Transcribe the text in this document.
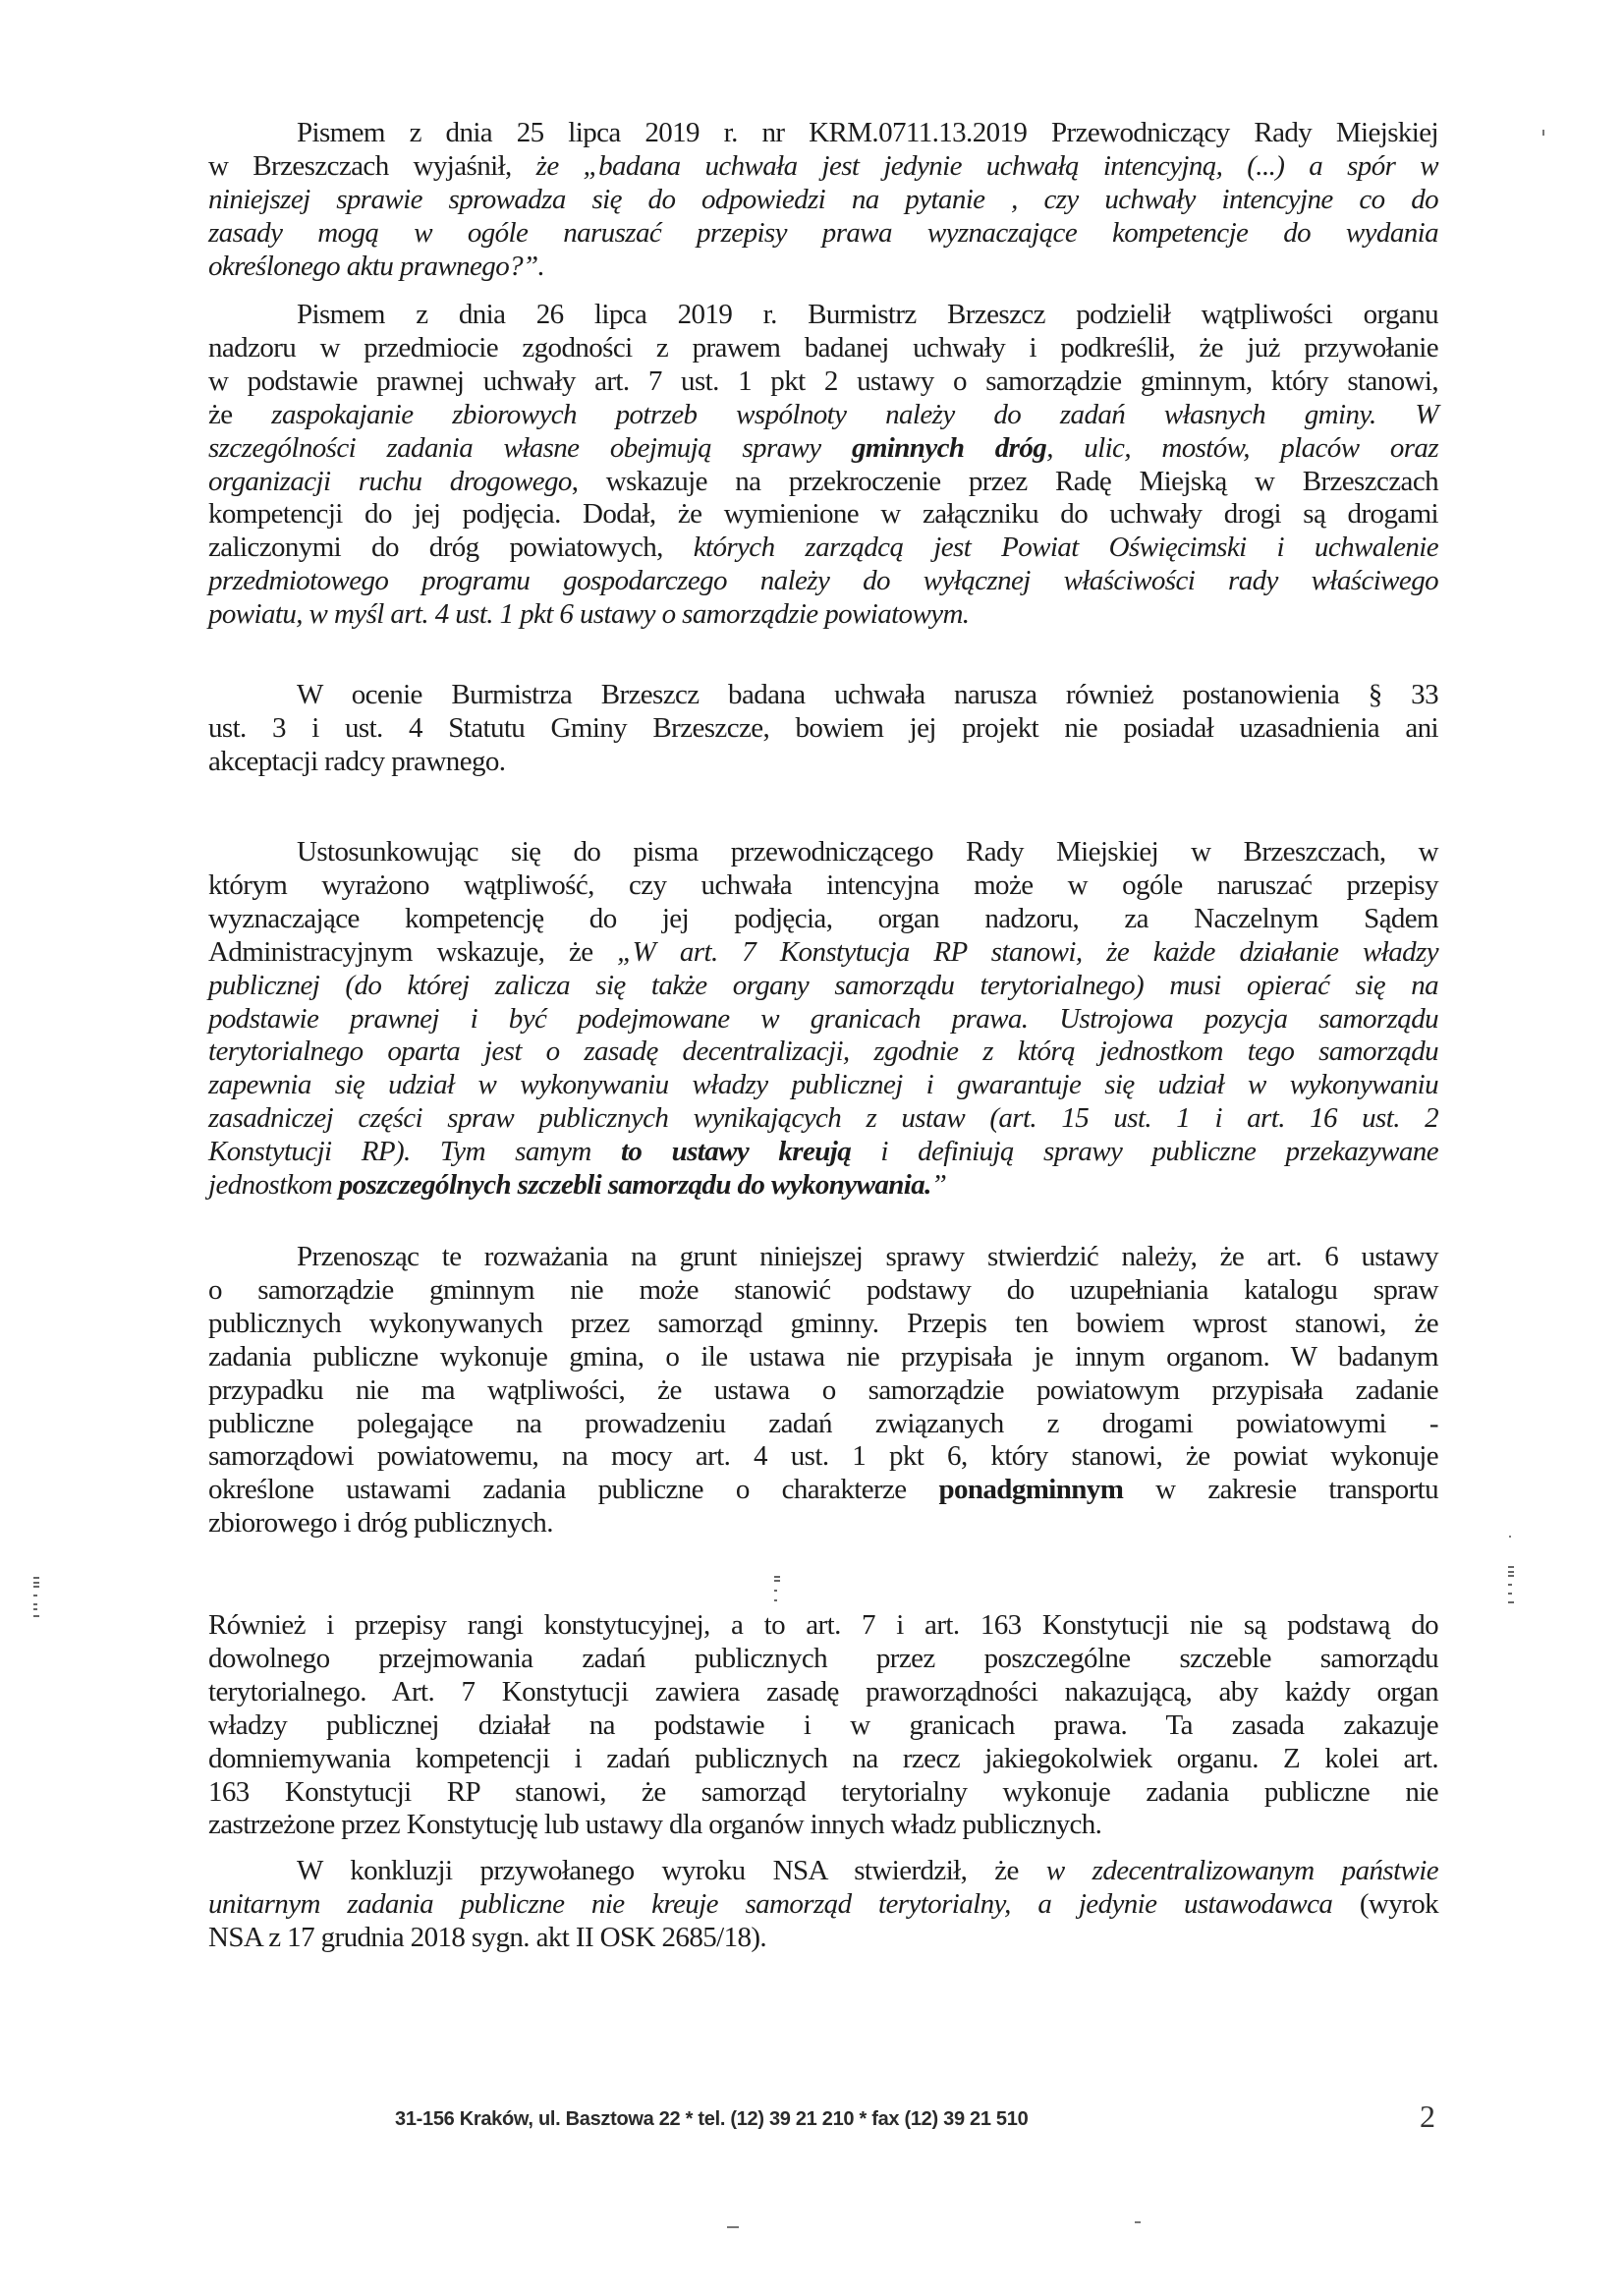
Pismem z dnia 25 lipca 2019 r. nr KRM.0711.13.2019 Przewodniczący Rady Miejskiej
w Brzeszczach wyjaśnił, że „badana uchwała jest jedynie uchwałą intencyjną, (...) a spór w
niniejszej sprawie sprowadza się do odpowiedzi na pytanie , czy uchwały intencyjne co do
zasady mogą w ogóle naruszać przepisy prawa wyznaczające kompetencje do wydania
określonego aktu prawnego?”.
Pismem z dnia 26 lipca 2019 r. Burmistrz Brzeszcz podzielił wątpliwości organu
nadzoru w przedmiocie zgodności z prawem badanej uchwały i podkreślił, że już przywołanie
w podstawie prawnej uchwały art. 7 ust. 1 pkt 2 ustawy o samorządzie gminnym, który stanowi,
że zaspokajanie zbiorowych potrzeb wspólnoty należy do zadań własnych gminy. W
szczególności zadania własne obejmują sprawy gminnych dróg, ulic, mostów, placów oraz
organizacji ruchu drogowego, wskazuje na przekroczenie przez Radę Miejską w Brzeszczach
kompetencji do jej podjęcia. Dodał, że wymienione w załączniku do uchwały drogi są drogami
zaliczonymi do dróg powiatowych, których zarządcą jest Powiat Oświęcimski i uchwalenie
przedmiotowego programu gospodarczego należy do wyłącznej właściwości rady właściwego
powiatu, w myśl art. 4 ust. 1 pkt 6 ustawy o samorządzie powiatowym.
W ocenie Burmistrza Brzeszcz badana uchwała narusza również postanowienia § 33
ust. 3 i ust. 4 Statutu Gminy Brzeszcze, bowiem jej projekt nie posiadał uzasadnienia ani
akceptacji radcy prawnego.
Ustosunkowując się do pisma przewodniczącego Rady Miejskiej w Brzeszczach, w
którym wyrażono wątpliwość, czy uchwała intencyjna może w ogóle naruszać przepisy
wyznaczające kompetencję do jej podjęcia, organ nadzoru, za Naczelnym Sądem
Administracyjnym wskazuje, że „W art. 7 Konstytucja RP stanowi, że każde działanie władzy
publicznej (do której zalicza się także organy samorządu terytorialnego) musi opierać się na
podstawie prawnej i być podejmowane w granicach prawa. Ustrojowa pozycja samorządu
terytorialnego oparta jest o zasadę decentralizacji, zgodnie z którą jednostkom tego samorządu
zapewnia się udział w wykonywaniu władzy publicznej i gwarantuje się udział w wykonywaniu
zasadniczej części spraw publicznych wynikających z ustaw (art. 15 ust. 1 i art. 16 ust. 2
Konstytucji RP). Tym samym to ustawy kreują i definiują sprawy publiczne przekazywane
jednostkom poszczególnych szczebli samorządu do wykonywania.”
Przenosząc te rozważania na grunt niniejszej sprawy stwierdzić należy, że art. 6 ustawy
o samorządzie gminnym nie może stanowić podstawy do uzupełniania katalogu spraw
publicznych wykonywanych przez samorząd gminny. Przepis ten bowiem wprost stanowi, że
zadania publiczne wykonuje gmina, o ile ustawa nie przypisała je innym organom. W badanym
przypadku nie ma wątpliwości, że ustawa o samorządzie powiatowym przypisała zadanie
publiczne polegające na prowadzeniu zadań związanych z drogami powiatowymi -
samorządowi powiatowemu, na mocy art. 4 ust. 1 pkt 6, który stanowi, że powiat wykonuje
określone ustawami zadania publiczne o charakterze ponadgminnym w zakresie transportu
zbiorowego i dróg publicznych.
Również i przepisy rangi konstytucyjnej, a to art. 7 i art. 163 Konstytucji nie są podstawą do
dowolnego przejmowania zadań publicznych przez poszczególne szczeble samorządu
terytorialnego. Art. 7 Konstytucji zawiera zasadę praworządności nakazującą, aby każdy organ
władzy publicznej działał na podstawie i w granicach prawa. Ta zasada zakazuje
domniemywania kompetencji i zadań publicznych na rzecz jakiegokolwiek organu. Z kolei art.
163 Konstytucji RP stanowi, że samorząd terytorialny wykonuje zadania publiczne nie
zastrzeżone przez Konstytucję lub ustawy dla organów innych władz publicznych.
W konkluzji przywołanego wyroku NSA stwierdził, że w zdecentralizowanym państwie
unitarnym zadania publiczne nie kreuje samorząd terytorialny, a jedynie ustawodawca (wyrok
NSA z 17 grudnia 2018 sygn. akt II OSK 2685/18).
31-156 Kraków, ul. Basztowa 22 * tel. (12) 39 21 210 * fax (12) 39 21 510	2
